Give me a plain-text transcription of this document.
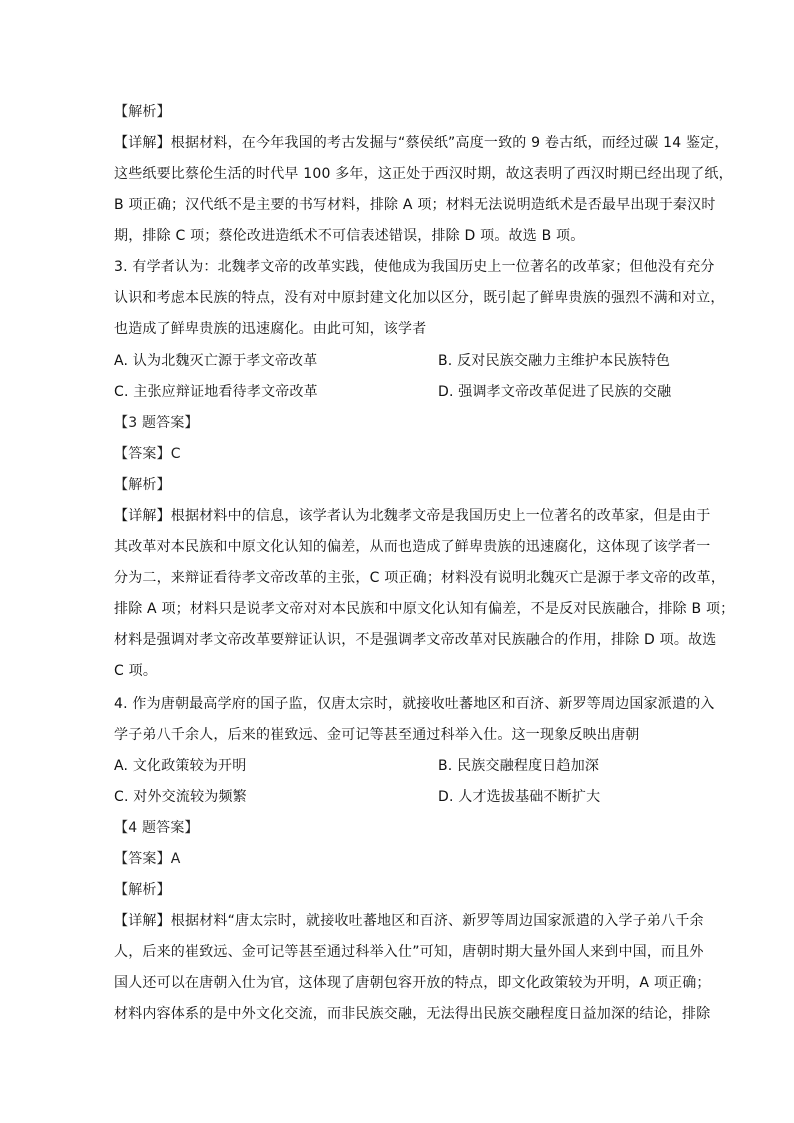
【解析】
【详解】根据材料，在今年我国的考古发掘与“蔡侯纸”高度一致的 9 卷古纸，而经过碳 14 鉴定，
这些纸要比蔡伦生活的时代早 100 多年，这正处于西汉时期，故这表明了西汉时期已经出现了纸，
B 项正确；汉代纸不是主要的书写材料，排除 A 项；材料无法说明造纸术是否最早出现于秦汉时
期，排除 C 项；蔡伦改进造纸术不可信表述错误，排除 D 项。故选 B 项。
3. 有学者认为：北魏孝文帝的改革实践，使他成为我国历史上一位著名的改革家；但他没有充分
认识和考虑本民族的特点，没有对中原封建文化加以区分，既引起了鲜卑贵族的强烈不满和对立，
也造成了鲜卑贵族的迅速腐化。由此可知，该学者
A. 认为北魏灭亡源于孝文帝改革	B. 反对民族交融力主维护本民族特色
C. 主张应辩证地看待孝文帝改革	D. 强调孝文帝改革促进了民族的交融
【3 题答案】
【答案】C
【解析】
【详解】根据材料中的信息，该学者认为北魏孝文帝是我国历史上一位著名的改革家，但是由于
其改革对本民族和中原文化认知的偏差，从而也造成了鲜卑贵族的迅速腐化，这体现了该学者一
分为二，来辩证看待孝文帝改革的主张，C 项正确；材料没有说明北魏灭亡是源于孝文帝的改革，
排除 A 项；材料只是说孝文帝对对本民族和中原文化认知有偏差，不是反对民族融合，排除 B 项；
材料是强调对孝文帝改革要辩证认识，不是强调孝文帝改革对民族融合的作用，排除 D 项。故选
C 项。
4. 作为唐朝最高学府的国子监，仅唐太宗时，就接收吐蕃地区和百济、新罗等周边国家派遣的入
学子弟八千余人，后来的崔致远、金可记等甚至通过科举入仕。这一现象反映出唐朝
A. 文化政策较为开明	B. 民族交融程度日趋加深
C. 对外交流较为频繁	D. 人才选拔基础不断扩大
【4 题答案】
【答案】A
【解析】
【详解】根据材料“唐太宗时，就接收吐蕃地区和百济、新罗等周边国家派遣的入学子弟八千余
人，后来的崔致远、金可记等甚至通过科举入仕”可知，唐朝时期大量外国人来到中国，而且外
国人还可以在唐朝入仕为官，这体现了唐朝包容开放的特点，即文化政策较为开明，A 项正确；
材料内容体系的是中外文化交流，而非民族交融，无法得出民族交融程度日益加深的结论，排除
